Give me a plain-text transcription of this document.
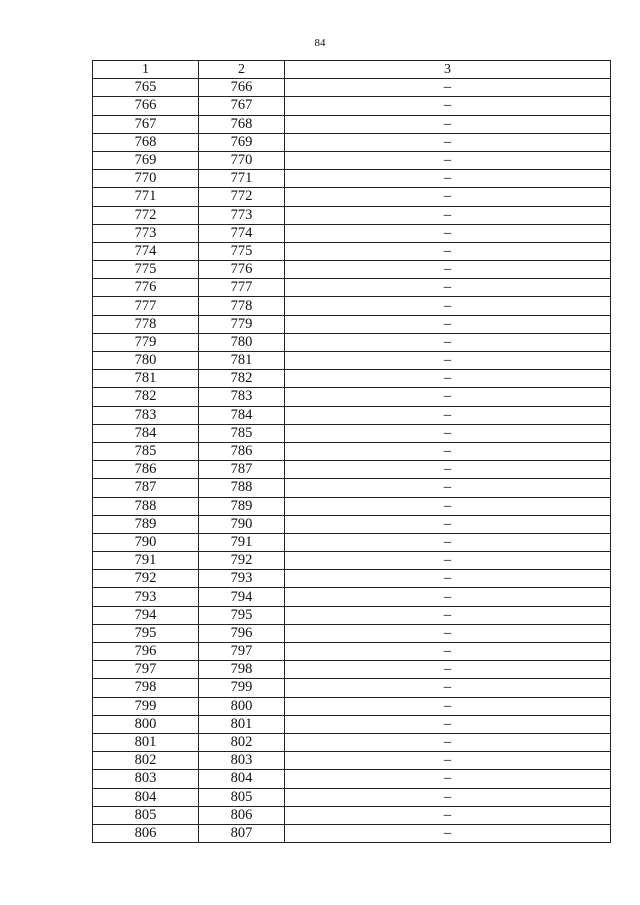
84
1	2	3
765	766	–
766	767	–
767	768	–
768	769	–
769	770	–
770	771	–
771	772	–
772	773	–
773	774	–
774	775	–
775	776	–
776	777	–
777	778	–
778	779	–
779	780	–
780	781	–
781	782	–
782	783	–
783	784	–
784	785	–
785	786	–
786	787	–
787	788	–
788	789	–
789	790	–
790	791	–
791	792	–
792	793	–
793	794	–
794	795	–
795	796	–
796	797	–
797	798	–
798	799	–
799	800	–
800	801	–
801	802	–
802	803	–
803	804	–
804	805	–
805	806	–
806	807	–
